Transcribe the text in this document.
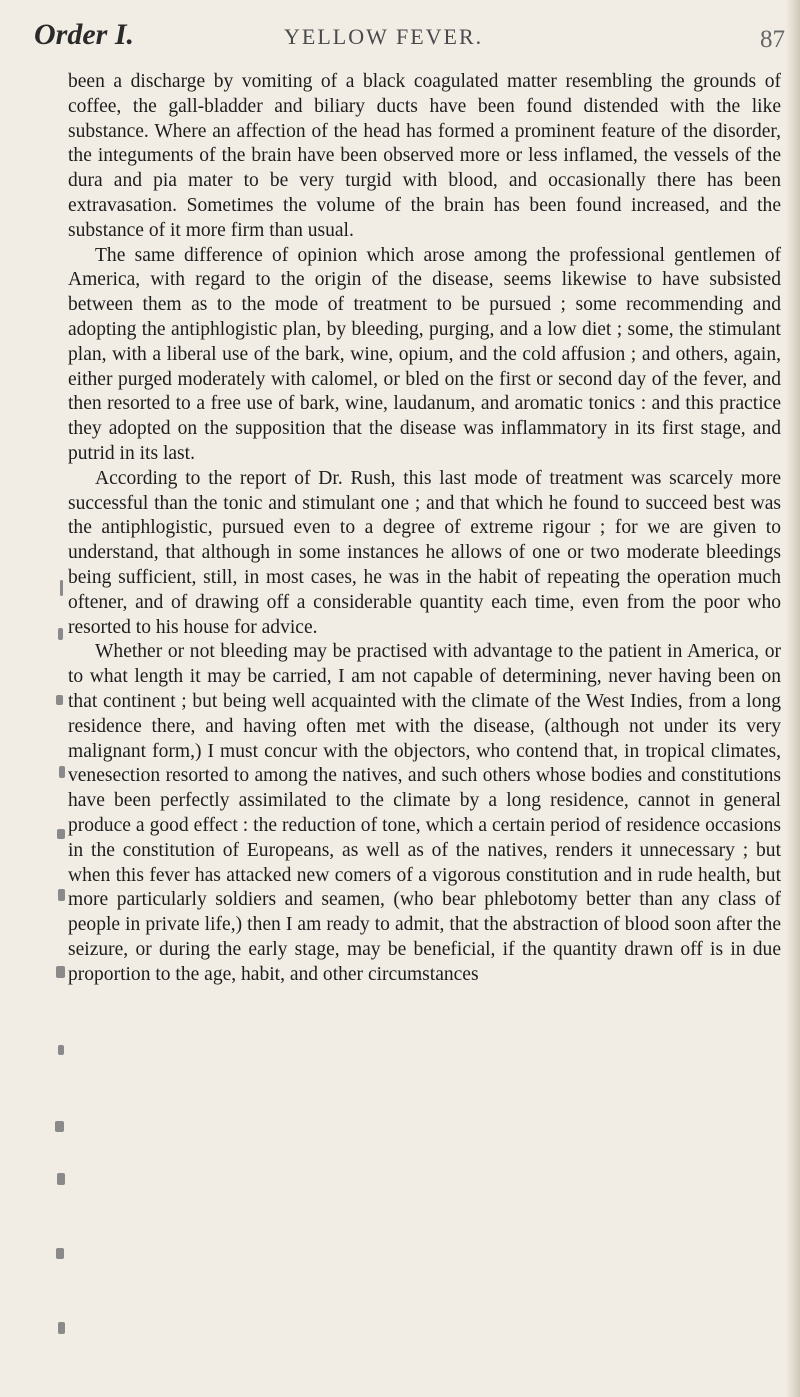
Order I.	YELLOW FEVER.	87

been a discharge by vomiting of a black coagulated matter resembling the grounds of coffee, the gall-bladder and biliary ducts have been found distended with the like substance. Where an affection of the head has formed a prominent feature of the disorder, the integuments of the brain have been observed more or less inflamed, the vessels of the dura and pia mater to be very turgid with blood, and occasionally there has been extravasation. Sometimes the volume of the brain has been found increased, and the substance of it more firm than usual.

The same difference of opinion which arose among the professional gentlemen of America, with regard to the origin of the disease, seems likewise to have subsisted between them as to the mode of treatment to be pursued ; some recommending and adopting the antiphlogistic plan, by bleeding, purging, and a low diet ; some, the stimulant plan, with a liberal use of the bark, wine, opium, and the cold affusion ; and others, again, either purged moderately with calomel, or bled on the first or second day of the fever, and then resorted to a free use of bark, wine, laudanum, and aromatic tonics : and this practice they adopted on the supposition that the disease was inflammatory in its first stage, and putrid in its last.

According to the report of Dr. Rush, this last mode of treatment was scarcely more successful than the tonic and stimulant one ; and that which he found to succeed best was the antiphlogistic, pursued even to a degree of extreme rigour ; for we are given to understand, that although in some instances he allows of one or two moderate bleedings being sufficient, still, in most cases, he was in the habit of repeating the operation much oftener, and of drawing off a considerable quantity each time, even from the poor who resorted to his house for advice.

Whether or not bleeding may be practised with advantage to the patient in America, or to what length it may be carried, I am not capable of determining, never having been on that continent ; but being well acquainted with the climate of the West Indies, from a long residence there, and having often met with the disease, (although not under its very malignant form,) I must concur with the objectors, who contend that, in tropical climates, venesection resorted to among the natives, and such others whose bodies and constitutions have been perfectly assimilated to the climate by a long residence, cannot in general produce a good effect : the reduction of tone, which a certain period of residence occasions in the constitution of Europeans, as well as of the natives, renders it unnecessary ; but when this fever has attacked new comers of a vigorous constitution and in rude health, but more particularly soldiers and seamen, (who bear phlebotomy better than any class of people in private life,) then I am ready to admit, that the abstraction of blood soon after the seizure, or during the early stage, may be beneficial, if the quantity drawn off is in due proportion to the age, habit, and other circumstances
